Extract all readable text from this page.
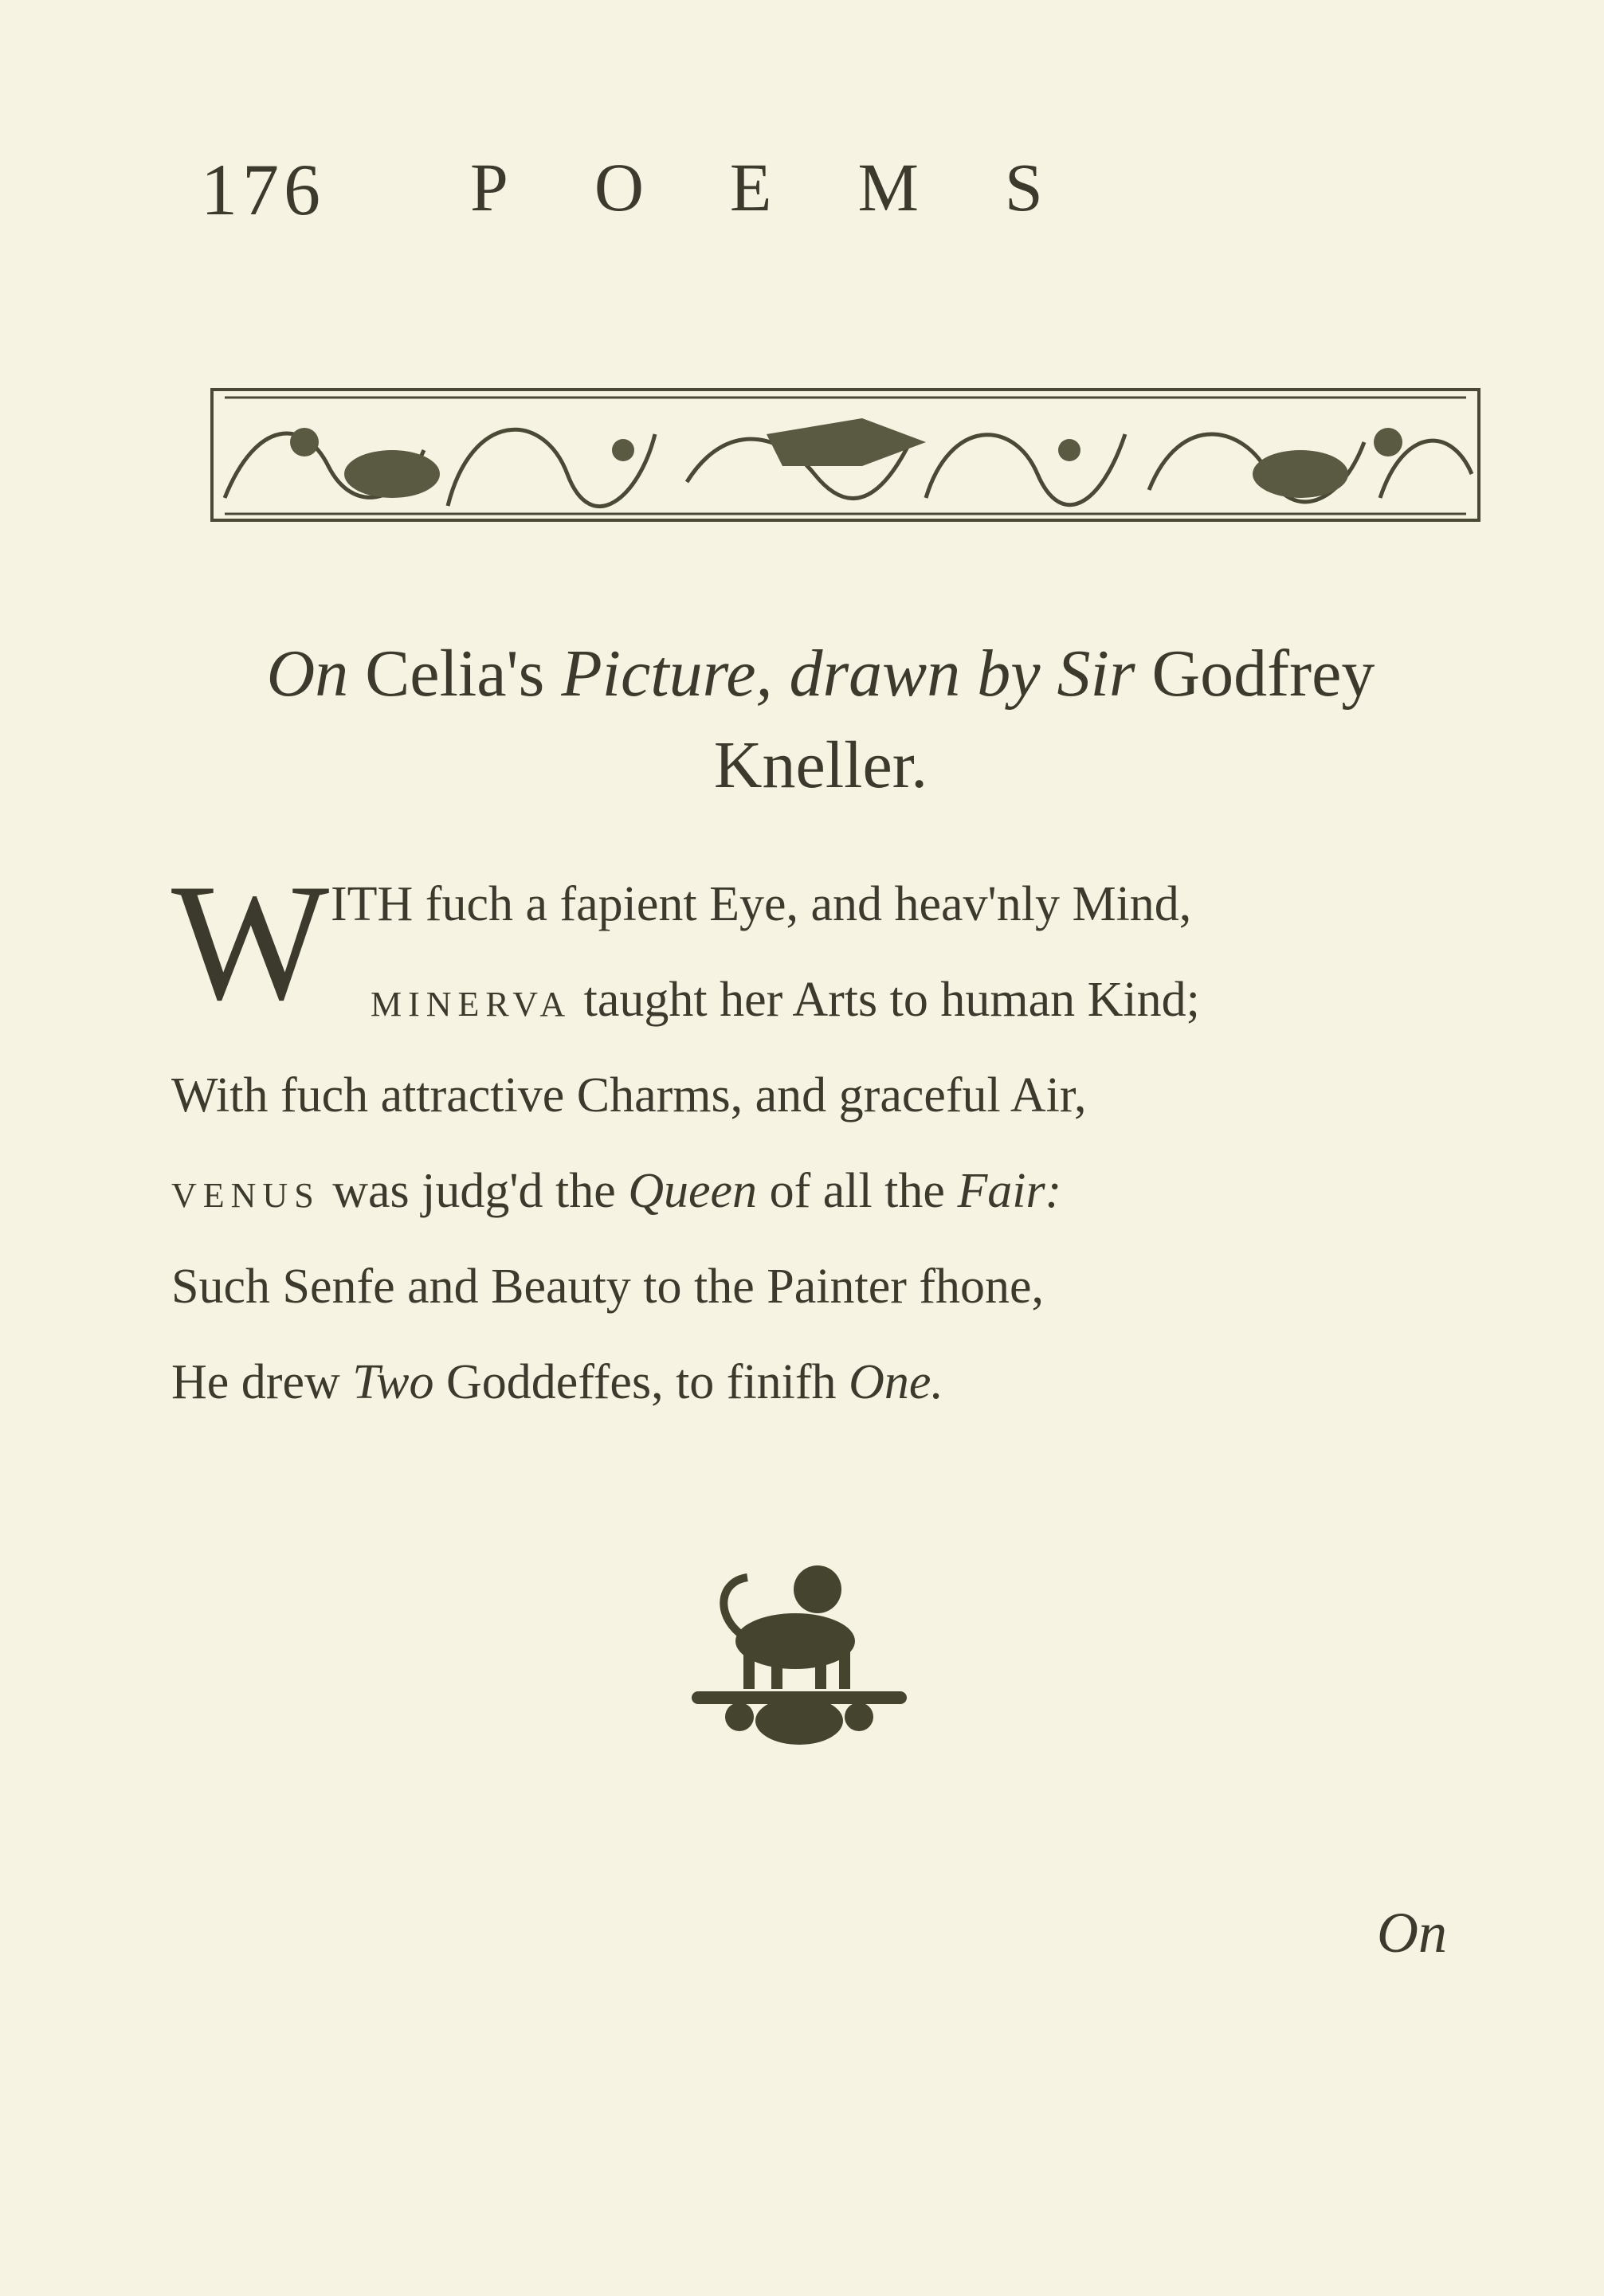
176 POEMS
On Celia's Picture, drawn by Sir Godfrey
Kneller.
W ITH fuch a fapient Eye, and heav'nly Mind,
MINERVA taught her Arts to human Kind;
With fuch attractive Charms, and graceful Air,
VENUS was judg'd the Queen of all the Fair:
Such Senfe and Beauty to the Painter fhone,
He drew Two Goddeffes, to finifh One.
On
